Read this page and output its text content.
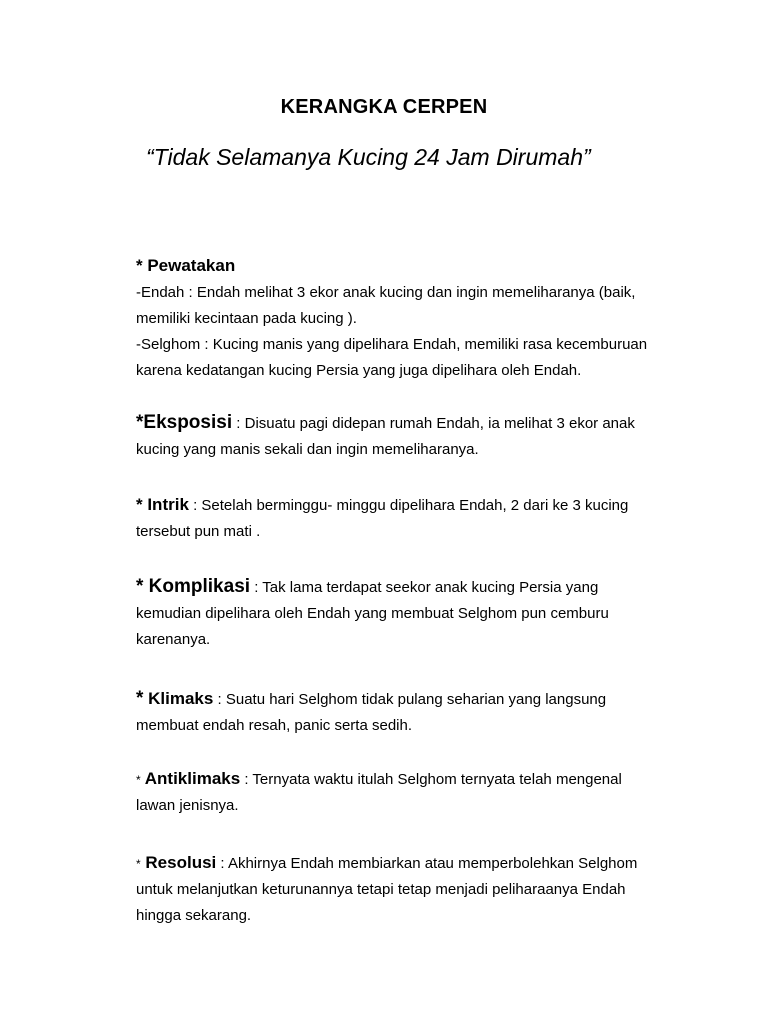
KERANGKA CERPEN
“Tidak Selamanya Kucing 24 Jam Dirumah”
* Pewatakan
-Endah : Endah melihat 3 ekor anak kucing dan ingin memeliharanya (baik,
memiliki kecintaan pada kucing ).
-Selghom : Kucing manis yang dipelihara Endah, memiliki rasa kecemburuan
karena kedatangan kucing Persia yang juga dipelihara oleh Endah.
*Eksposisi : Disuatu pagi didepan rumah Endah, ia melihat 3 ekor anak
kucing yang manis sekali dan ingin memeliharanya.
* Intrik : Setelah berminggu- minggu dipelihara Endah, 2 dari ke 3 kucing
tersebut pun mati .
* Komplikasi : Tak lama terdapat seekor anak kucing Persia yang
kemudian dipelihara oleh Endah yang membuat Selghom pun cemburu
karenanya.
* Klimaks : Suatu hari Selghom tidak pulang seharian yang langsung
membuat endah resah, panic serta sedih.
* Antiklimaks : Ternyata waktu itulah Selghom ternyata telah mengenal
lawan jenisnya.
* Resolusi : Akhirnya Endah membiarkan atau memperbolehkan Selghom
untuk melanjutkan keturunannya tetapi tetap menjadi peliharaanya Endah
hingga sekarang.
